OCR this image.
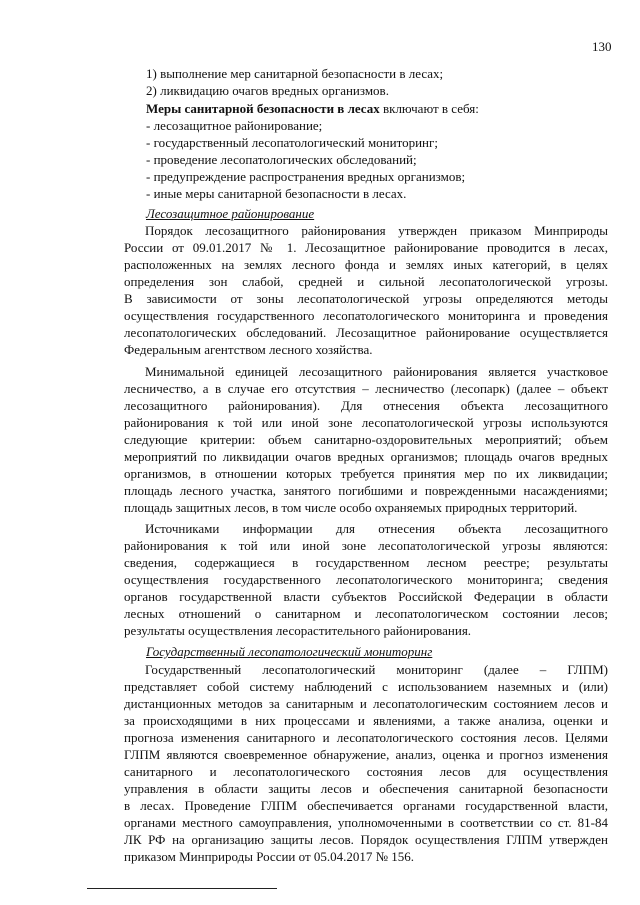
130
1) выполнение мер санитарной безопасности в лесах;
2) ликвидацию очагов вредных организмов.
Меры санитарной безопасности в лесах включают в себя:
- лесозащитное районирование;
- государственный лесопатологический мониторинг;
- проведение лесопатологических обследований;
- предупреждение распространения вредных организмов;
- иные меры санитарной безопасности в лесах.
Лесозащитное районирование
Порядок лесозащитного районирования утвержден приказом Минприроды
России от 09.01.2017 № 1. Лесозащитное районирование проводится в лесах,
расположенных на землях лесного фонда и землях иных категорий, в целях
определения зон слабой, средней и сильной лесопатологической угрозы.
В зависимости от зоны лесопатологической угрозы определяются методы
осуществления государственного лесопатологического мониторинга и проведения
лесопатологических обследований. Лесозащитное районирование осуществляется
Федеральным агентством лесного хозяйства.
Минимальной единицей лесозащитного районирования является участковое
лесничество, а в случае его отсутствия – лесничество (лесопарк) (далее – объект
лесозащитного районирования). Для отнесения объекта лесозащитного
районирования к той или иной зоне лесопатологической угрозы используются
следующие критерии: объем санитарно-оздоровительных мероприятий; объем
мероприятий по ликвидации очагов вредных организмов; площадь очагов вредных
организмов, в отношении которых требуется принятия мер по их ликвидации;
площадь лесного участка, занятого погибшими и поврежденными насаждениями;
площадь защитных лесов, в том числе особо охраняемых природных территорий.
Источниками информации для отнесения объекта лесозащитного
районирования к той или иной зоне лесопатологической угрозы являются:
сведения, содержащиеся в государственном лесном реестре; результаты
осуществления государственного лесопатологического мониторинга; сведения
органов государственной власти субъектов Российской Федерации в области
лесных отношений о санитарном и лесопатологическом состоянии лесов;
результаты осуществления лесорастительного районирования.
Государственный лесопатологический мониторинг
Государственный лесопатологический мониторинг (далее – ГЛПМ)
представляет собой систему наблюдений с использованием наземных и (или)
дистанционных методов за санитарным и лесопатологическим состоянием лесов и
за происходящими в них процессами и явлениями, а также анализа, оценки и
прогноза изменения санитарного и лесопатологического состояния лесов. Целями
ГЛПМ являются своевременное обнаружение, анализ, оценка и прогноз изменения
санитарного и лесопатологического состояния лесов для осуществления
управления в области защиты лесов и обеспечения санитарной безопасности
в лесах. Проведение ГЛПМ обеспечивается органами государственной власти,
органами местного самоуправления, уполномоченными в соответствии со ст. 81-84
ЛК РФ на организацию защиты лесов. Порядок осуществления ГЛПМ утвержден
приказом Минприроды России от 05.04.2017 № 156.
